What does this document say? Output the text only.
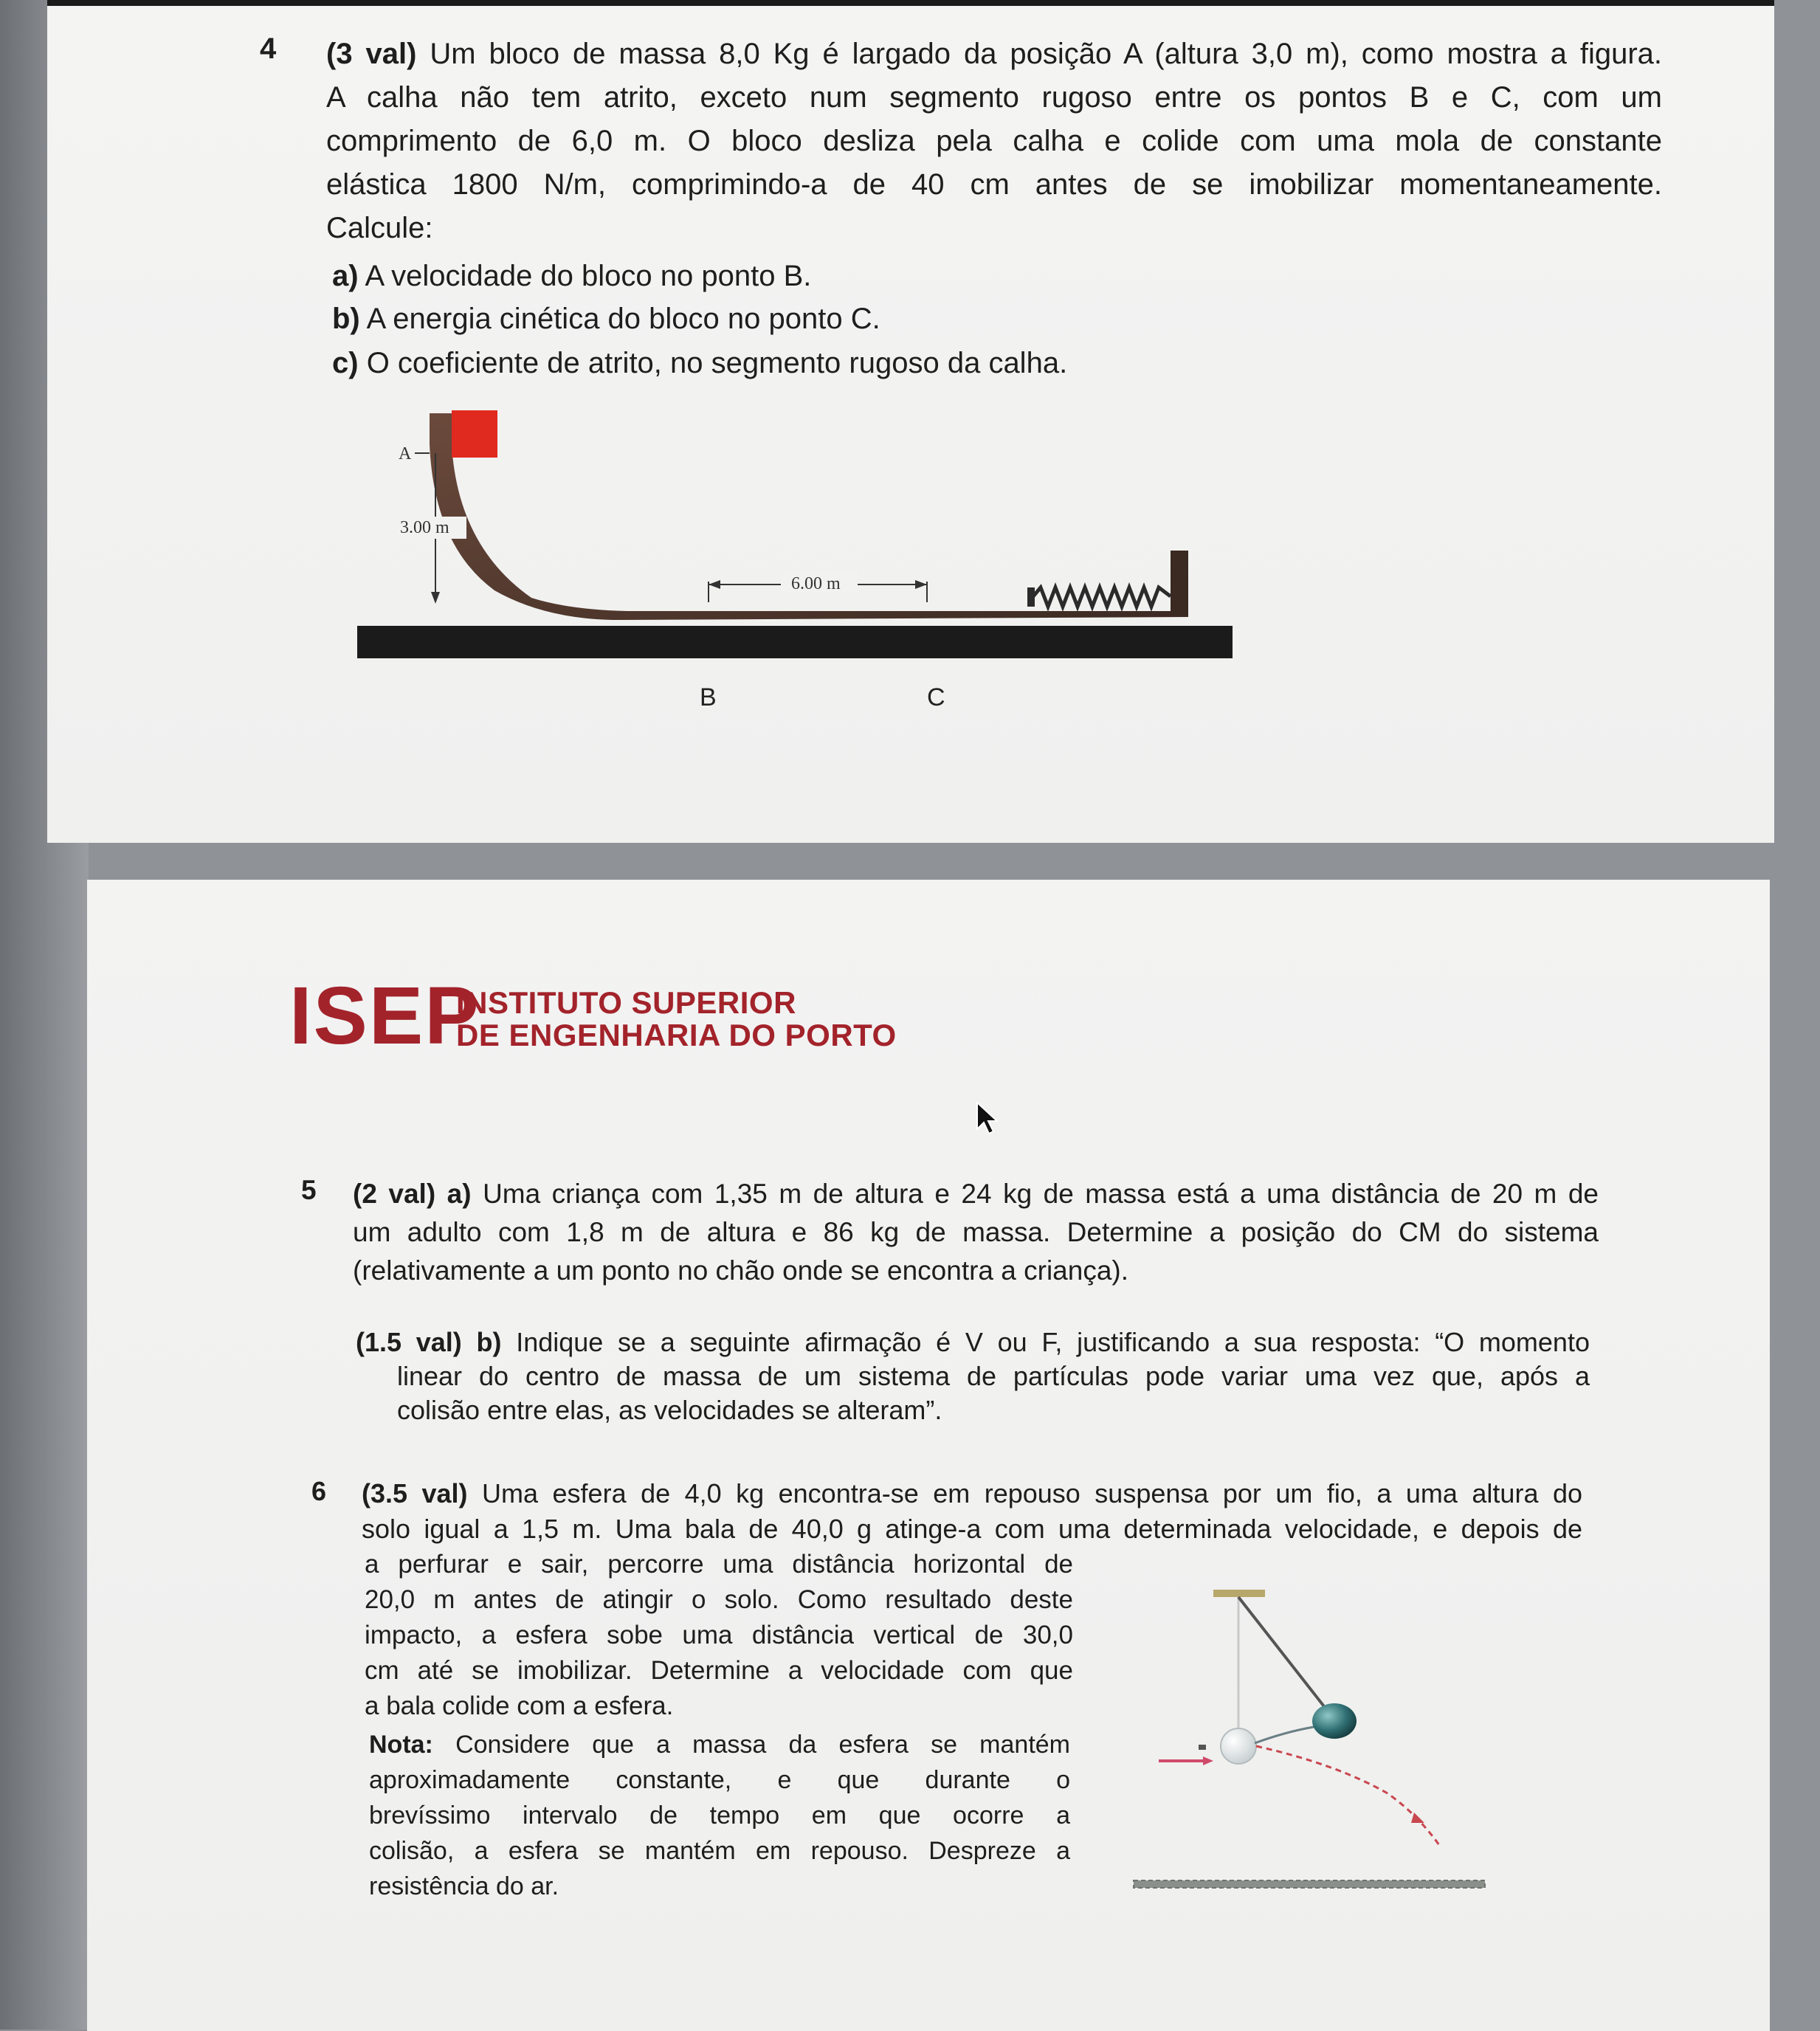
4 (3 val) Um bloco de massa 8,0 Kg é largado da posição A (altura 3,0 m), como mostra a figura.
A calha não tem atrito, exceto num segmento rugoso entre os pontos B e C, com um
comprimento de 6,0 m. O bloco desliza pela calha e colide com uma mola de constante
elástica 1800 N/m, comprimindo-a de 40 cm antes de se imobilizar momentaneamente.
Calcule:
a) A velocidade do bloco no ponto B.
b) A energia cinética do bloco no ponto C.
c) O coeficiente de atrito, no segmento rugoso da calha.
A
3.00 m
6.00 m
B	C
ISEP
INSTITUTO SUPERIOR
DE ENGENHARIA DO PORTO
5 (2 val) a) Uma criança com 1,35 m de altura e 24 kg de massa está a uma distância de 20 m de
um adulto com 1,8 m de altura e 86 kg de massa. Determine a posição do CM do sistema
(relativamente a um ponto no chão onde se encontra a criança).
(1.5 val) b) Indique se a seguinte afirmação é V ou F, justificando a sua resposta: “O momento
linear do centro de massa de um sistema de partículas pode variar uma vez que, após a
colisão entre elas, as velocidades se alteram”.
6 (3.5 val) Uma esfera de 4,0 kg encontra-se em repouso suspensa por um fio, a uma altura do
solo igual a 1,5 m. Uma bala de 40,0 g atinge-a com uma determinada velocidade, e depois de
a perfurar e sair, percorre uma distância horizontal de
20,0 m antes de atingir o solo. Como resultado deste
impacto, a esfera sobe uma distância vertical de 30,0
cm até se imobilizar. Determine a velocidade com que
a bala colide com a esfera.
Nota: Considere que a massa da esfera se mantém
aproximadamente constante, e que durante o
brevíssimo intervalo de tempo em que ocorre a
colisão, a esfera se mantém em repouso. Despreze a
resistência do ar.
